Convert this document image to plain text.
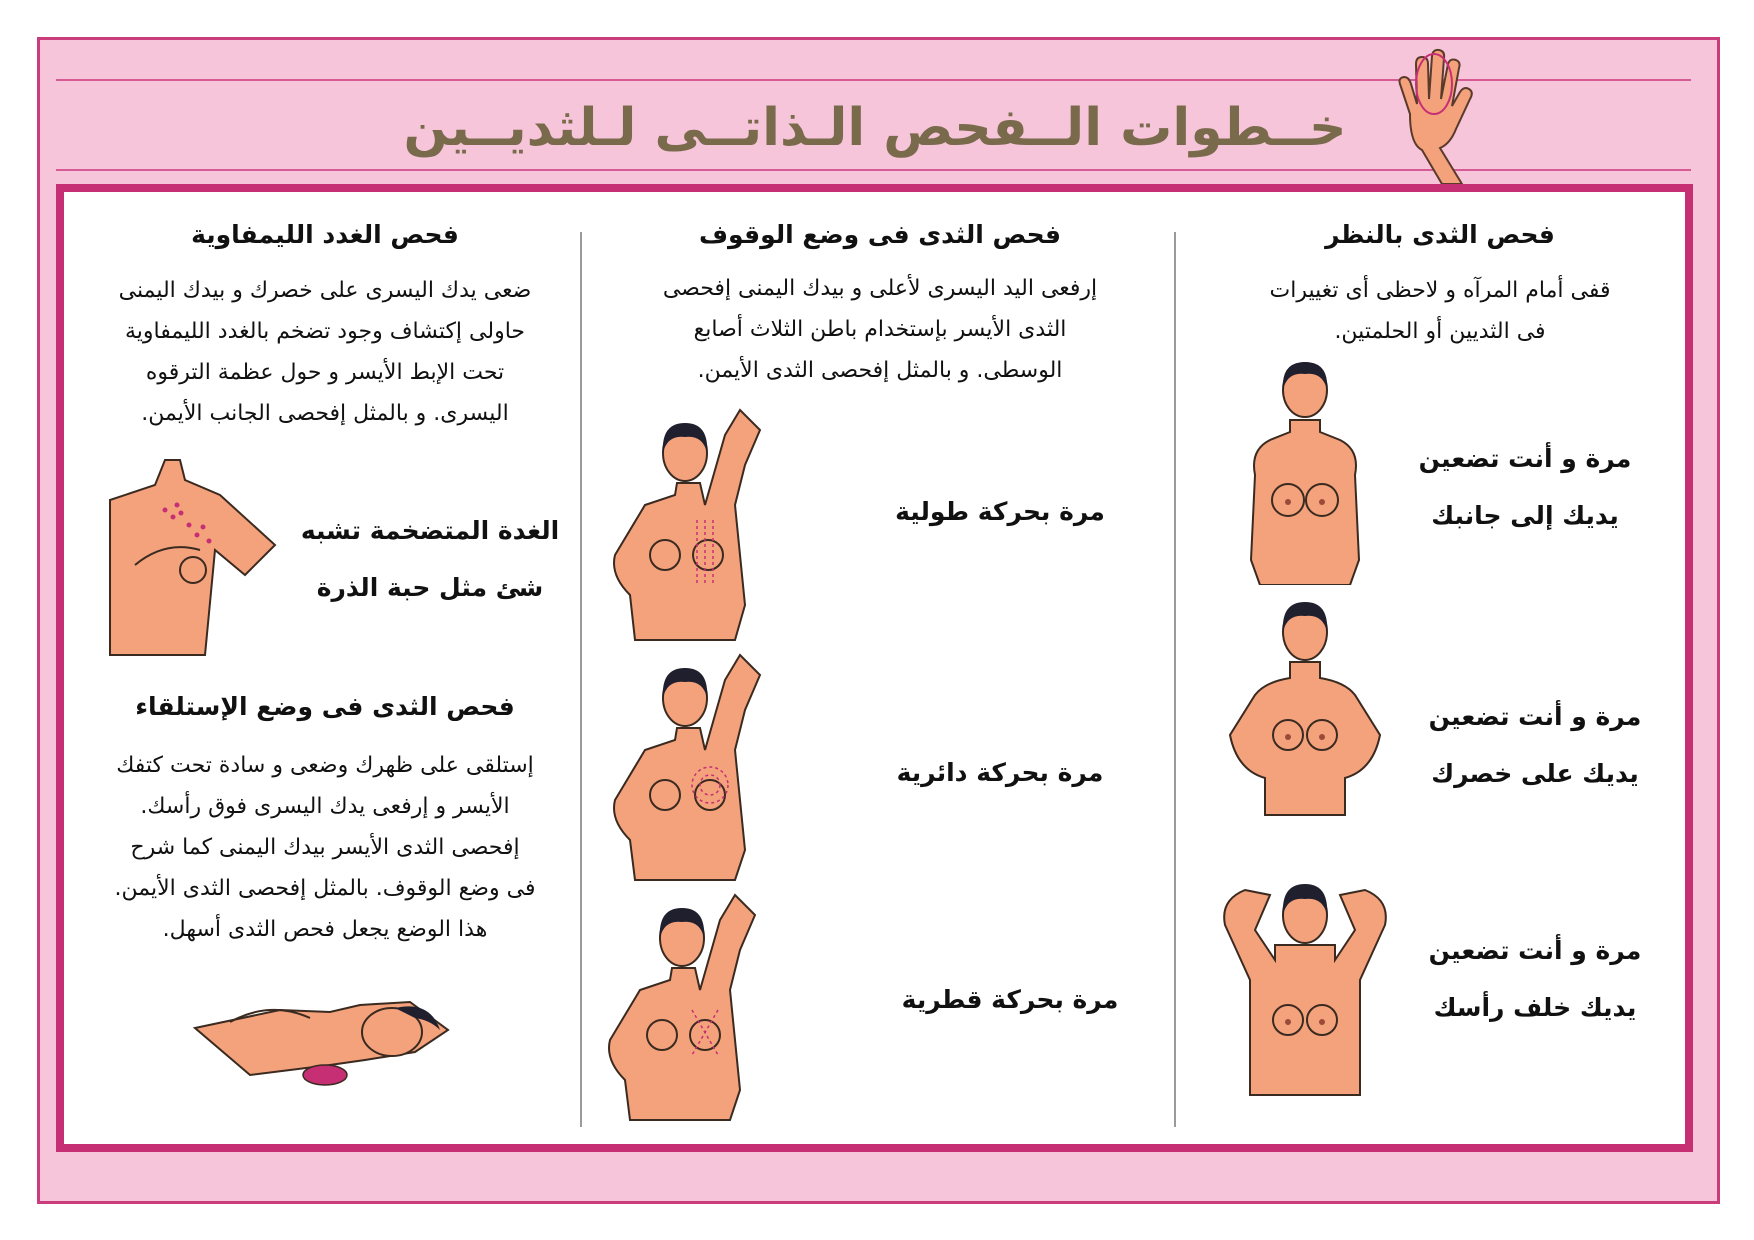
خــطوات الــفحص الـذاتــى لـلثديــين
فحص الثدى بالنظر
قفى أمام المرآه و لاحظى أى تغييرات
فى الثديين أو الحلمتين.
مرة و أنت تضعين
يديك إلى جانبك
مرة و أنت تضعين
يديك على خصرك
مرة و أنت تضعين
يديك خلف رأسك
فحص الثدى فى وضع الوقوف
إرفعى اليد اليسرى لأعلى و بيدك اليمنى إفحصى
الثدى الأيسر بإستخدام باطن الثلاث أصابع
الوسطى. و بالمثل إفحصى الثدى الأيمن.
مرة بحركة طولية
مرة بحركة دائرية
مرة بحركة قطرية
فحص الغدد الليمفاوية
ضعى يدك اليسرى على خصرك و بيدك اليمنى
حاولى إكتشاف وجود تضخم بالغدد الليمفاوية
تحت الإبط الأيسر و حول عظمة الترقوه
اليسرى. و بالمثل إفحصى الجانب الأيمن.
الغدة المتضخمة تشبه
شئ مثل حبة الذرة
فحص الثدى فى وضع الإستلقاء
إستلقى على ظهرك وضعى و سادة تحت كتفك
الأيسر و إرفعى يدك اليسرى فوق رأسك.
إفحصى الثدى الأيسر بيدك اليمنى كما شرح
فى وضع الوقوف. بالمثل إفحصى الثدى الأيمن.
هذا الوضع يجعل فحص الثدى أسهل.
